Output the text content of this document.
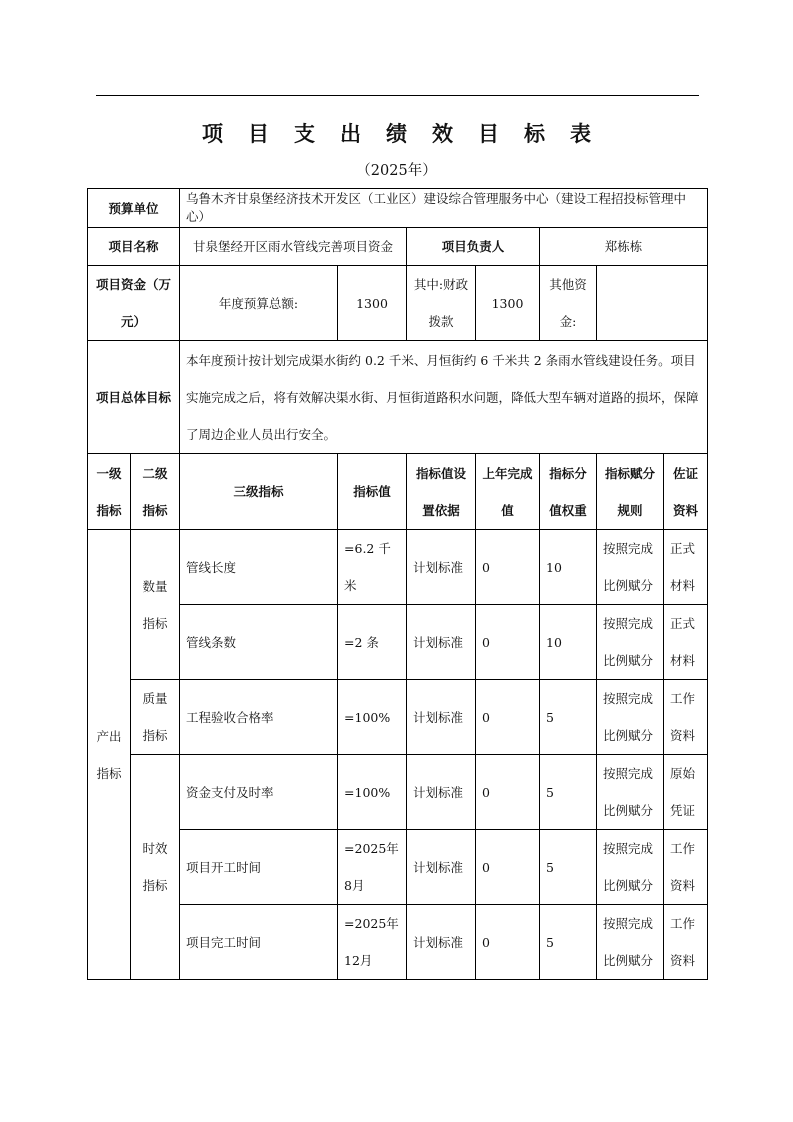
项目支出绩效目标表
（2025年）
预算单位		乌鲁木齐甘泉堡经济技术开发区（工业区）建设综合管理服务中心（建设工程招投标管理中心）						
项目名称		甘泉堡经开区雨水管线完善项目资金		项目负责人		郑栋栋		
项目资金（万元）		年度预算总额:	1300	其中:财政拨款	1300	其他资金:		
项目总体目标		本年度预计按计划完成渠水街约 0.2 千米、月恒街约 6 千米共 2 条雨水管线建设任务。项目实施完成之后，将有效解决渠水街、月恒街道路积水问题，降低大型车辆对道路的损坏，保障了周边企业人员出行安全。						
一级指标	二级指标	三级指标	指标值	指标值设置依据	上年完成值	指标分值权重	指标赋分规则	佐证资料
产出指标	数量指标	管线长度	=6.2 千米	计划标准	0	10	按照完成比例赋分	正式材料
		管线条数	=2 条	计划标准	0	10	按照完成比例赋分	正式材料
	质量指标	工程验收合格率	=100%	计划标准	0	5	按照完成比例赋分	工作资料
	时效指标	资金支付及时率	=100%	计划标准	0	5	按照完成比例赋分	原始凭证
		项目开工时间	=2025年8月	计划标准	0	5	按照完成比例赋分	工作资料
		项目完工时间	=2025年 12月	计划标准	0	5	按照完成比例赋分	工作资料
